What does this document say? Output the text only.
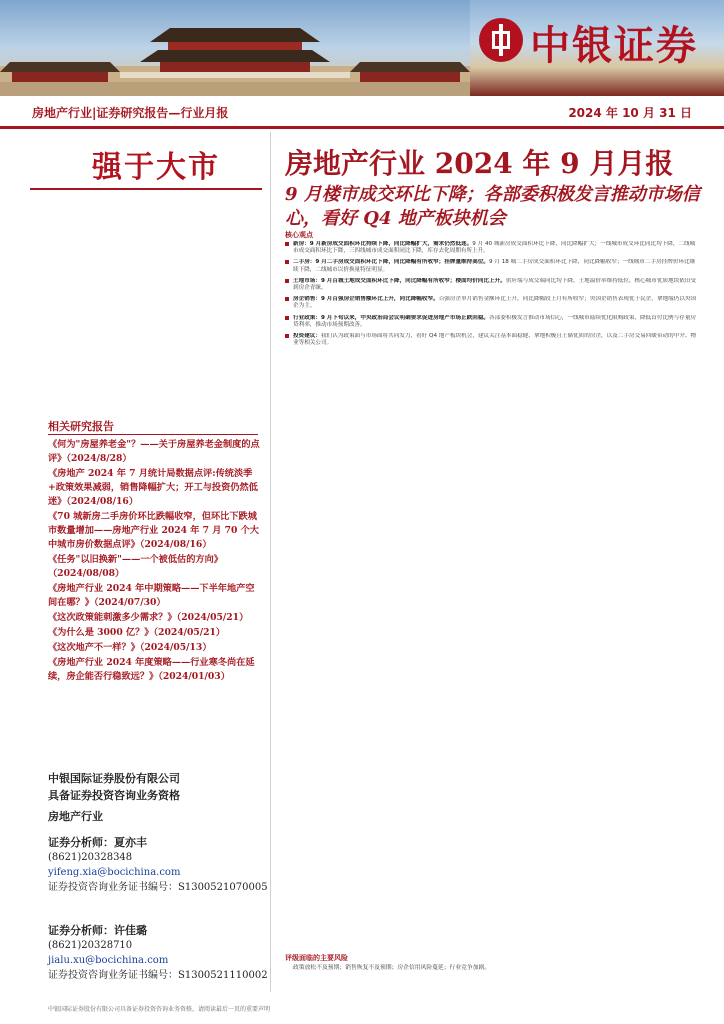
中银证券
房地产行业|证券研究报告—行业月报	2024 年 10 月 31 日
强于大市 房地产行业 2024 年 9 月月报
9 月楼市成交环比下降；各部委积极发言推动市场信心，看好 Q4 地产板块机会
核心观点
新房：9 月新房成交面积环比持续下降，同比降幅扩大，需求仍然低迷。9 月 40 城新房成交面积环比下降，同比降幅扩大；一线城市成交环比同比均下降，二线城市成交面积环比下降，三四线城市成交面积同比下降，库存去化周期有所上升。
二手房：9 月二手房成交面积环比下降，同比降幅有所收窄；挂牌量维持高位。9 月 18 城二手房成交面积环比下降，同比降幅收窄；一线城市二手房挂牌价环比继续下降，二线城市以价换量特征明显。
土地市场：9 月百城土地成交面积环比下降，同比降幅有所收窄；楼面均价同比上升。供应端与成交端同比均下降，土地溢价率维持低位，核心城市优质地块依旧受到房企青睐。
房企销售：9 月百强房企销售额环比上升，同比降幅收窄。百强房企单月销售金额环比上升，同比降幅较上月有所收窄；央国企销售表现优于民企，拿地端仍以央国企为主。
行业政策：9 月下旬以来，中央政治局会议明确要求促进房地产市场止跌回稳。各部委积极发言推动市场信心，一线城市陆续优化限购政策，降低首付比例与存量房贷利率，推动市场预期改善。
投资建议：我们认为政策面与市场面将共同发力，看好 Q4 地产板块机会，建议关注基本面稳健、拿地积极且土储优质的房企，以及二手房交易回暖带动的中介、物业等相关公司。
评级面临的主要风险
政策放松不及预期；销售恢复不及预期；房企信用风险蔓延；行业竞争加剧。
相关研究报告
《何为"房屋养老金"？——关于房屋养老金制度的点评》（2024/8/28）
《房地产 2024 年 7 月统计局数据点评:传统淡季+政策效果减弱，销售降幅扩大；开工与投资仍然低迷》（2024/08/16）
《70 城新房二手房价环比跌幅收窄，但环比下跌城市数量增加——房地产行业 2024 年 7 月 70 个大中城市房价数据点评》（2024/08/16）
《任务"以旧换新"——一个被低估的方向》（2024/08/08）
《房地产行业 2024 年中期策略——下半年地产空间在哪？》（2024/07/30）
《这次政策能刺激多少需求？》（2024/05/21）
《为什么是 3000 亿？》（2024/05/21）
《这次地产不一样？》（2024/05/13）
《房地产行业 2024 年度策略——行业寒冬尚在延续，房企能否行稳致远？》（2024/01/03）
中银国际证券股份有限公司
具备证券投资咨询业务资格
房地产行业
证券分析师：夏亦丰
(8621)20328348
yifeng.xia@bocichina.com
证券投资咨询业务证书编号：S1300521070005
证券分析师：许佳璐
(8621)20328710
jialu.xu@bocichina.com
证券投资咨询业务证书编号：S1300521110002
中银国际证券股份有限公司具备证券投资咨询业务资格，请阅读最后一页的重要声明
